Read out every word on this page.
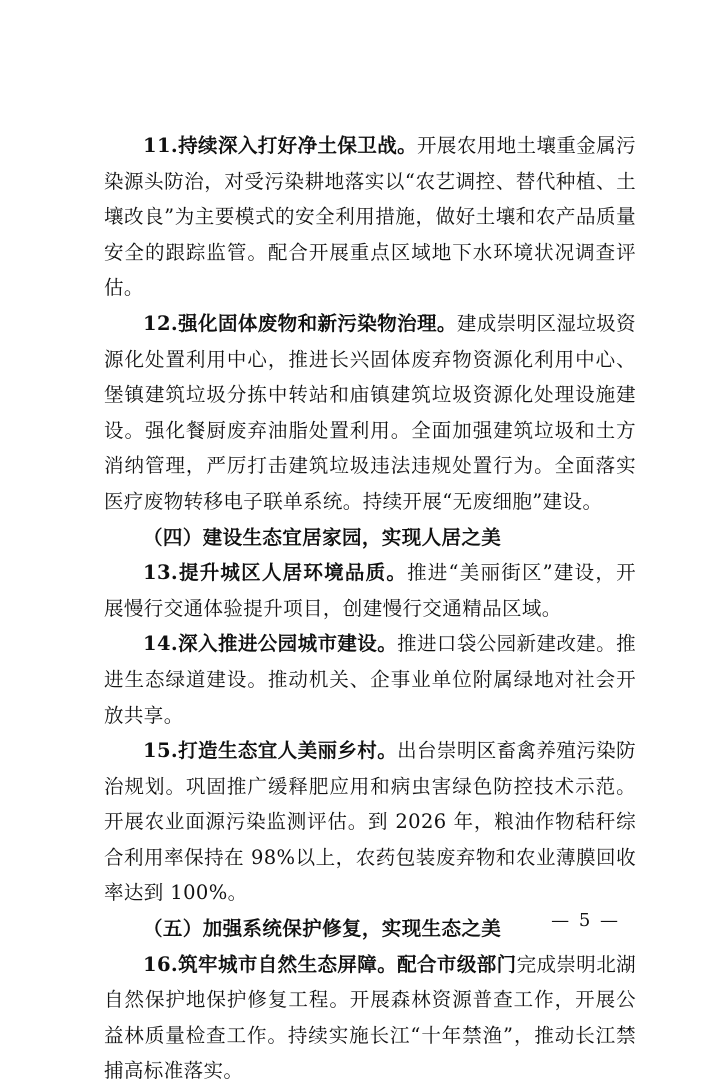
11.持续深入打好净土保卫战。开展农用地土壤重金属污染源头防治，对受污染耕地落实以“农艺调控、替代种植、土壤改良”为主要模式的安全利用措施，做好土壤和农产品质量安全的跟踪监管。配合开展重点区域地下水环境状况调查评估。

12.强化固体废物和新污染物治理。建成崇明区湿垃圾资源化处置利用中心，推进长兴固体废弃物资源化利用中心、堡镇建筑垃圾分拣中转站和庙镇建筑垃圾资源化处理设施建设。强化餐厨废弃油脂处置利用。全面加强建筑垃圾和土方消纳管理，严厉打击建筑垃圾违法违规处置行为。全面落实医疗废物转移电子联单系统。持续开展“无废细胞”建设。

（四）建设生态宜居家园，实现人居之美

13.提升城区人居环境品质。推进“美丽街区”建设，开展慢行交通体验提升项目，创建慢行交通精品区域。

14.深入推进公园城市建设。推进口袋公园新建改建。推进生态绿道建设。推动机关、企事业单位附属绿地对社会开放共享。

15.打造生态宜人美丽乡村。出台崇明区畜禽养殖污染防治规划。巩固推广缓释肥应用和病虫害绿色防控技术示范。开展农业面源污染监测评估。到 2026 年，粮油作物秸秆综合利用率保持在 98%以上，农药包装废弃物和农业薄膜回收率达到 100%。

（五）加强系统保护修复，实现生态之美

16.筑牢城市自然生态屏障。配合市级部门完成崇明北湖自然保护地保护修复工程。开展森林资源普查工作，开展公益林质量检查工作。持续实施长江“十年禁渔”，推动长江禁捕高标准落实。

— 5 —
